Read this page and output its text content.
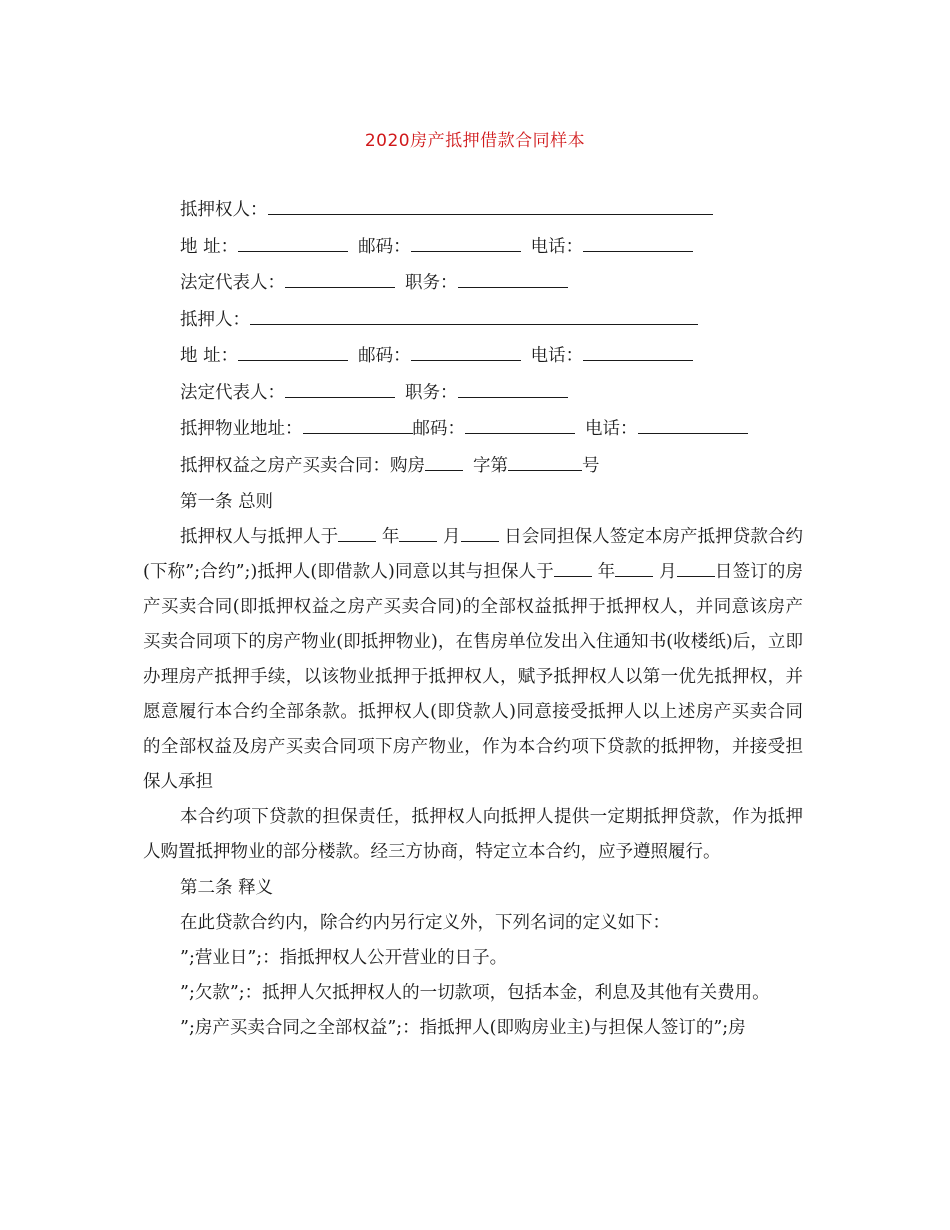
2020房产抵押借款合同样本
抵押权人：
地 址：	邮码：	电话：
法定代表人：	职务：
抵押人：
地 址：	邮码：	电话：
法定代表人：	职务：
抵押物业地址：	邮码：	电话：
抵押权益之房产买卖合同：购房	字第	号
第一条 总则

抵押权人与抵押人于 年 月 日会同担保人签定本房产抵押贷款合约(下称”;合约”;)抵押人(即借款人)同意以其与担保人于 年 月 日签订的房产买卖合同(即抵押权益之房产买卖合同)的全部权益抵押于抵押权人，并同意该房产买卖合同项下的房产物业(即抵押物业)，在售房单位发出入住通知书(收楼纸)后，立即办理房产抵押手续，以该物业抵押于抵押权人，赋予抵押权人以第一优先抵押权，并愿意履行本合约全部条款。抵押权人(即贷款人)同意接受抵押人以上述房产买卖合同的全部权益及房产买卖合同项下房产物业，作为本合约项下贷款的抵押物，并接受担保人承担

本合约项下贷款的担保责任，抵押权人向抵押人提供一定期抵押贷款，作为抵押人购置抵押物业的部分楼款。经三方协商，特定立本合约，应予遵照履行。

第二条 释义

在此贷款合约内，除合约内另行定义外，下列名词的定义如下：

”;营业日”;：指抵押权人公开营业的日子。

”;欠款”;：抵押人欠抵押权人的一切款项，包括本金，利息及其他有关费用。

”;房产买卖合同之全部权益”;：指抵押人(即购房业主)与担保人签订的”;房
